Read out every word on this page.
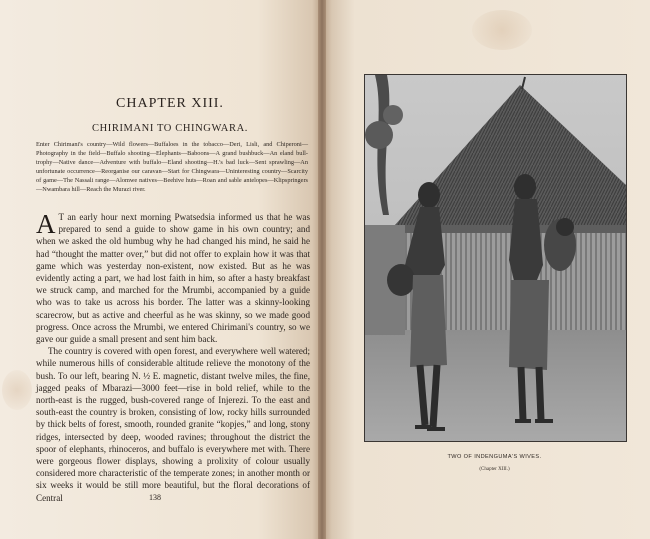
CHAPTER XIII.
CHIRIMANI TO CHINGWARA.
Enter Chirimani's country—Wild flowers—Buffaloes in the tobacco—Deri, Lisli, and Chiperoni—Photography in the field—Buffalo shooting—Elephants—Baboons—A grand bushbuck—An eland bull-trophy—Native dance—Adventure with buffalo—Eland shooting—H.'s bad luck—Sent sprawling—An unfortunate occurrence—Reorganise our caravan—Start for Chingwara—Uninteresting country—Scarcity of game—The Nassali range—Alomwe natives—Beehive huts—Roan and sable antelopes—Klipspringers—Nwambara hill—Reach the Murazi river.

A T an early hour next morning Pwatsedsia informed us that he was prepared to send a guide to show game in his own country; and when we asked the old humbug why he had changed his mind, he said he had “thought the matter over,” but did not offer to explain how it was that game which was yesterday non-existent, now existed. But as he was evidently acting a part, we had lost faith in him, so after a hasty breakfast we struck camp, and marched for the Mrumbi, accompanied by a guide who was to take us across his border. The latter was a skinny-looking scarecrow, but as active and cheerful as he was skinny, so we made good progress. Once across the Mrumbi, we entered Chirimani's country, so we gave our guide a small present and sent him back.

The country is covered with open forest, and everywhere well watered; while numerous hills of considerable altitude relieve the monotony of the bush. To our left, bearing N. ½ E. magnetic, distant twelve miles, the fine, jagged peaks of Mbarazi—3000 feet—rise in bold relief, while to the north-east is the rugged, bush-covered range of Injerezi. To the east and south-east the country is broken, consisting of low, rocky hills surrounded by thick belts of forest, smooth, rounded granite “kopjes,” and long, stony ridges, intersected by deep, wooded ravines; throughout the district the spoor of elephants, rhinoceros, and buffalo is everywhere met with. There were gorgeous flower displays, showing a prolixity of colour usually considered more characteristic of the temperate zones; in another month or six weeks it would be still more beautiful, but the floral decorations of Central	138
TWO OF INDENGUMA'S WIVES.
(Chapter XIII.)
